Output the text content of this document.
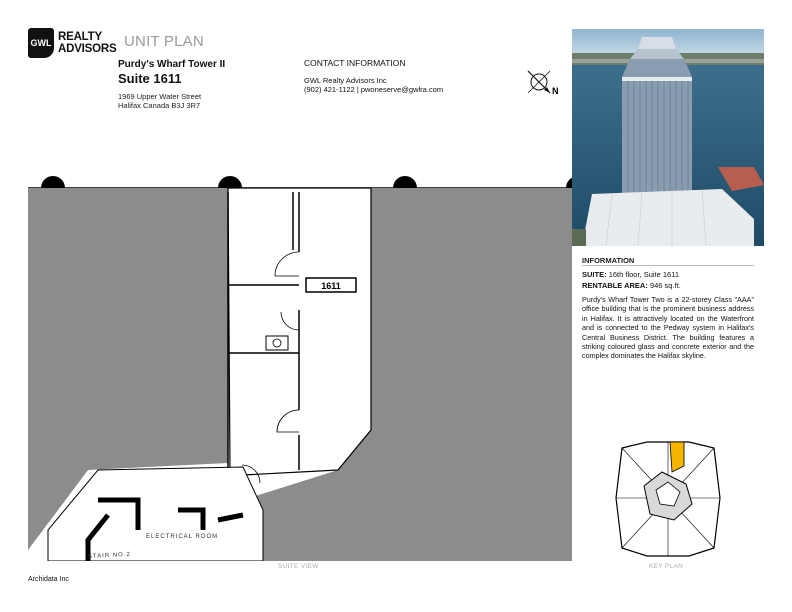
GWL REALTY
ADVISORS UNIT PLAN
Purdy's Wharf Tower II
Suite 1611
1969 Upper Water Street
Halifax Canada B3J 3R7
CONTACT INFORMATION
GWL Realty Advisors Inc
(902) 421-1122 | pwoneserve@gwlra.com	N
INFORMATION
SUITE: 16th floor, Suite 1611
RENTABLE AREA: 946 sq.ft.
Purdy's Wharf Tower Two is a 22-storey Class "AAA" office building that is the prominent business address in Halifax. It is attractively located on the Waterfront and is connected to the Pedway system in Halifax's Central Business District. The building features a striking coloured glass and concrete exterior and the complex dominates the Halifax skyline.
1611
ELECTRICAL ROOM
STAIR NO.2
SUITE VIEW	KEY PLAN
Archidata Inc
